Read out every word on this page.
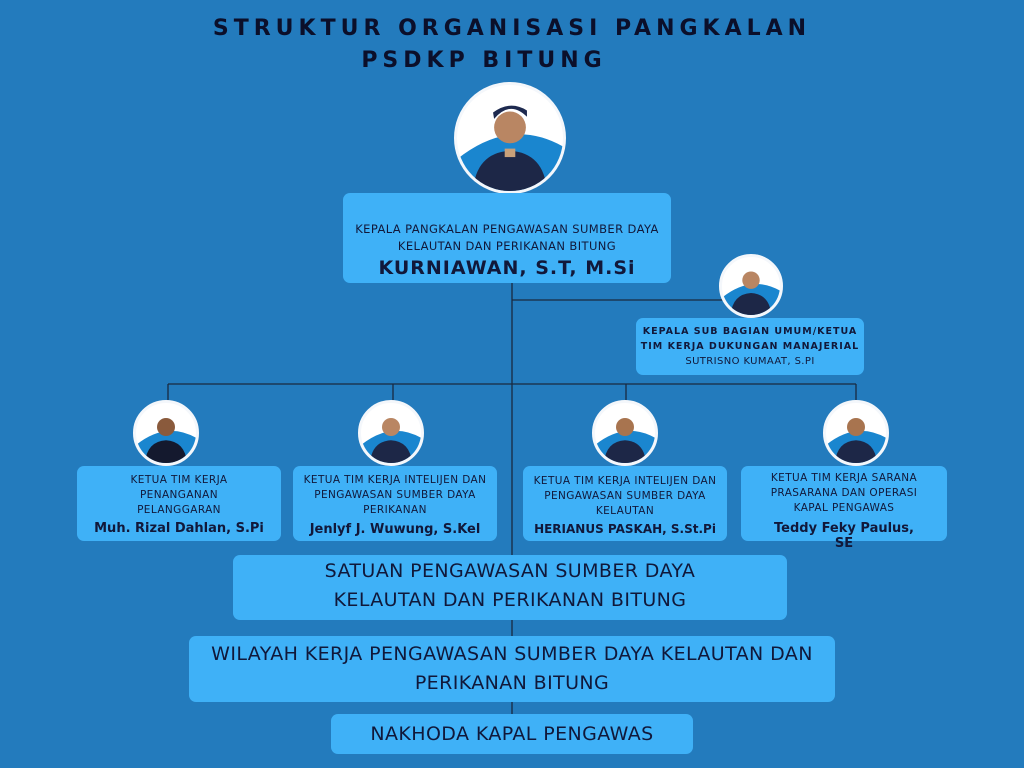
STRUKTUR ORGANISASI PANGKALAN
PSDKP BITUNG
KEPALA PANGKALAN PENGAWASAN SUMBER DAYA KELAUTAN DAN PERIKANAN BITUNG
KURNIAWAN, S.T, M.Si
KEPALA SUB BAGIAN UMUM/KETUA TIM KERJA DUKUNGAN MANAJERIAL
SUTRISNO KUMAAT, S.PI
KETUA TIM KERJA PENANGANAN PELANGGARAN
Muh. Rizal Dahlan, S.Pi
KETUA TIM KERJA INTELIJEN DAN PENGAWASAN SUMBER DAYA PERIKANAN
Jenlyf J. Wuwung, S.Kel
KETUA TIM KERJA INTELIJEN DAN PENGAWASAN SUMBER DAYA KELAUTAN
HERIANUS PASKAH, S.St.Pi
KETUA TIM KERJA SARANA PRASARANA DAN OPERASI KAPAL PENGAWAS
Teddy Feky Paulus, SE
SATUAN PENGAWASAN SUMBER DAYA KELAUTAN DAN PERIKANAN BITUNG
WILAYAH KERJA PENGAWASAN SUMBER DAYA KELAUTAN DAN PERIKANAN BITUNG
NAKHODA KAPAL PENGAWAS
